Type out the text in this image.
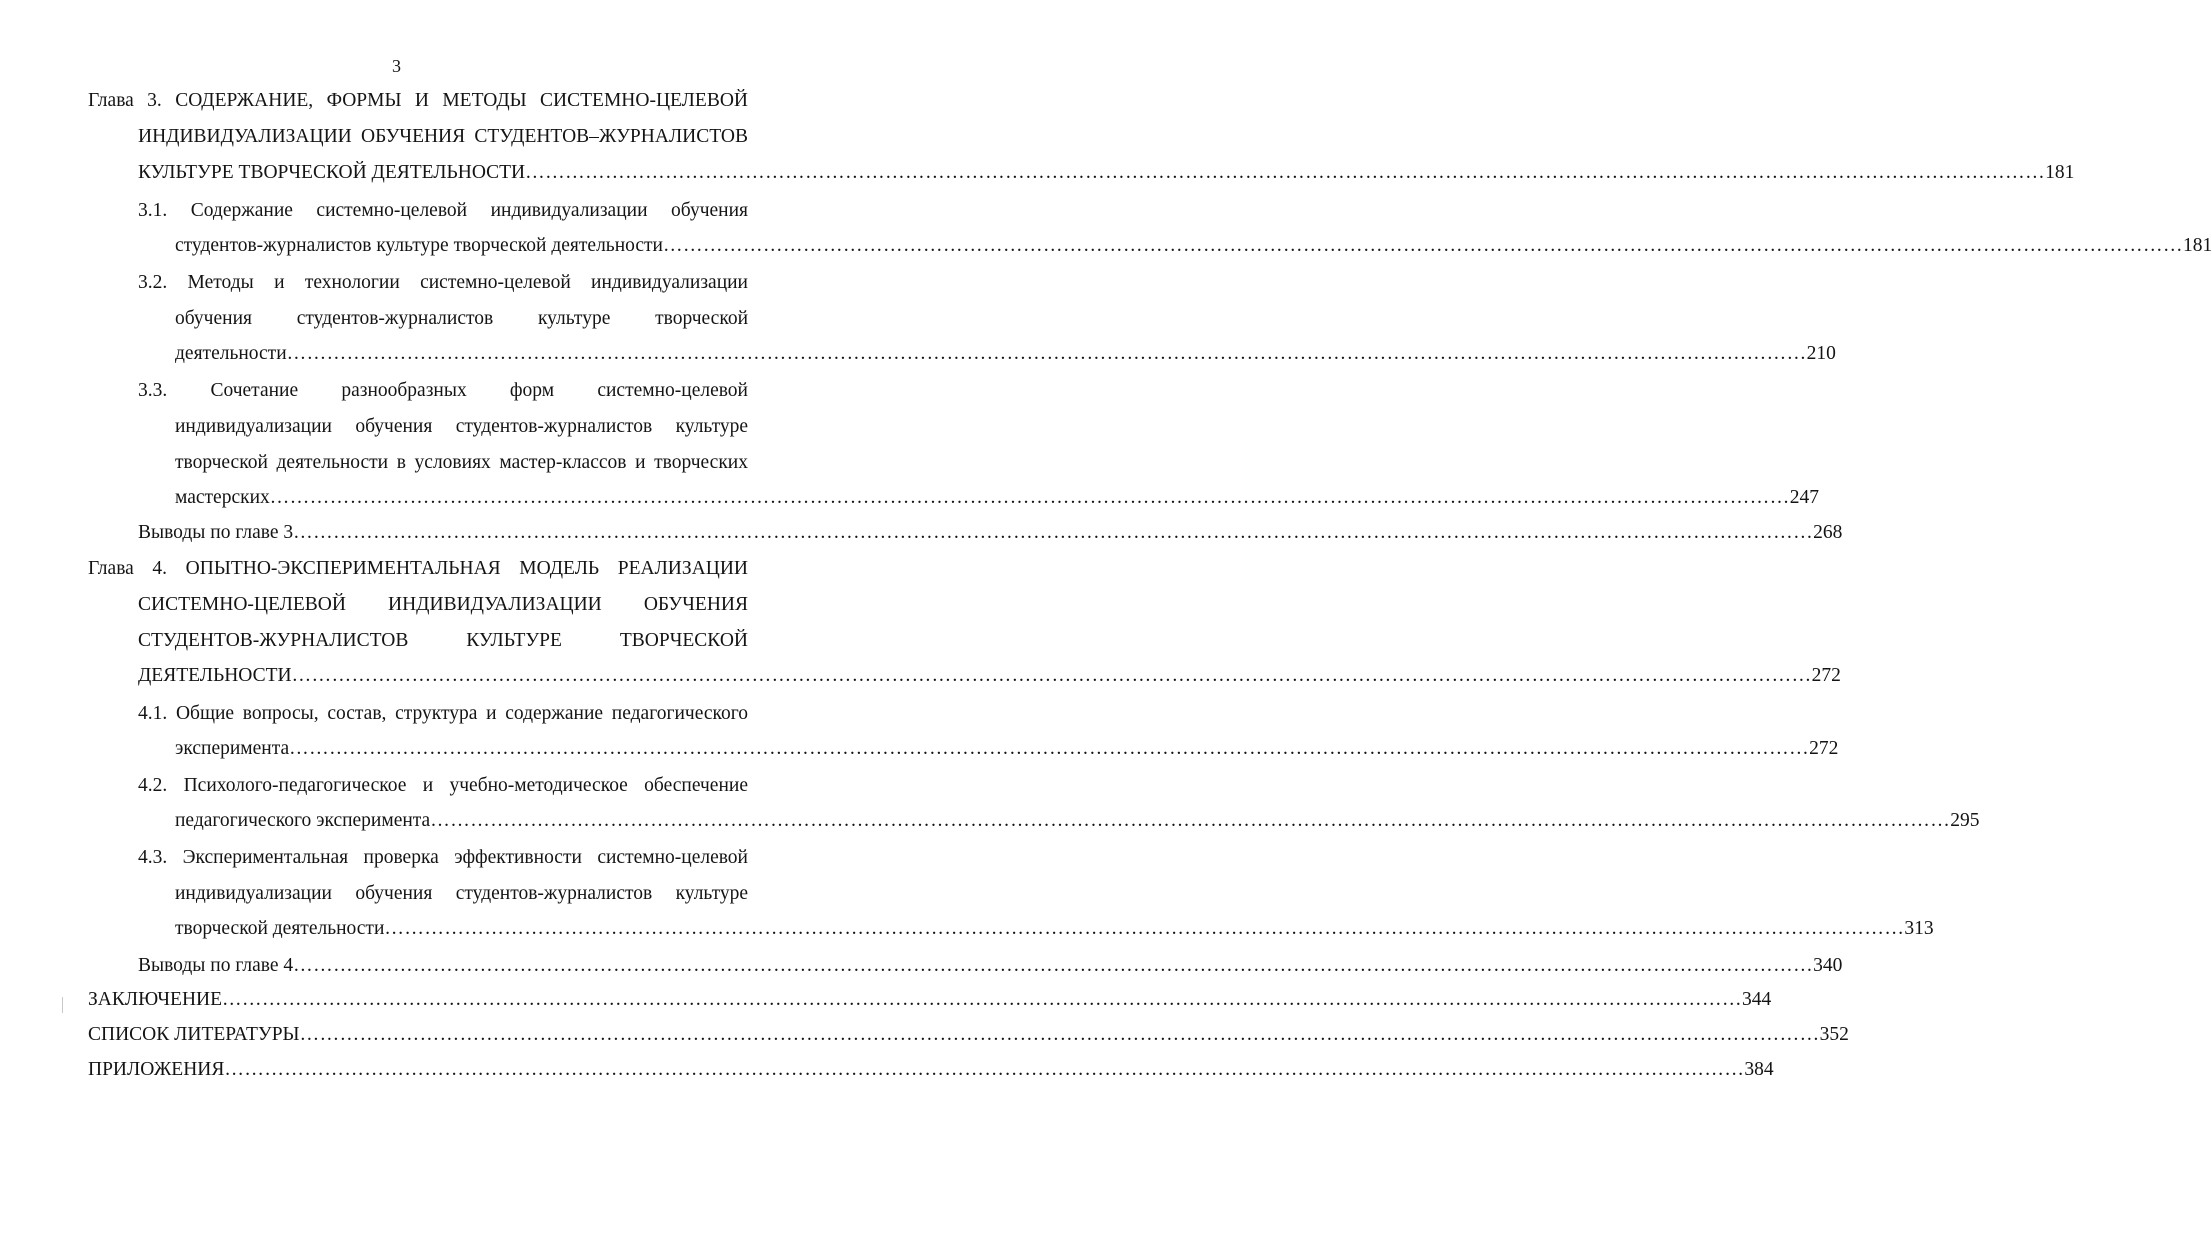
3
Глава 3. СОДЕРЖАНИЕ, ФОРМЫ И МЕТОДЫ СИСТЕМНО-ЦЕЛЕВОЙ
ИНДИВИДУАЛИЗАЦИИ ОБУЧЕНИЯ СТУДЕНТОВ–ЖУРНАЛИСТОВ
КУЛЬТУРЕ ТВОРЧЕСКОЙ ДЕЯТЕЛЬНОСТИ ………………………………………………………………………………………………………………………………………………………………………………………………………… 181
3.1. Содержание системно-целевой индивидуализации обучения
студентов-журналистов культуре творческой деятельности ………………………………………………………………………………………………………………………………………………………………………………………………………… 181
3.2. Методы и технологии системно-целевой индивидуализации
обучения студентов-журналистов культуре творческой
деятельности ………………………………………………………………………………………………………………………………………………………………………………………………………… 210
3.3. Сочетание разнообразных форм системно-целевой
индивидуализации обучения студентов-журналистов культуре
творческой деятельности в условиях мастер-классов и творческих
мастерских ………………………………………………………………………………………………………………………………………………………………………………………………………… 247
Выводы по главе 3 ………………………………………………………………………………………………………………………………………………………………………………………………………… 268
Глава 4. ОПЫТНО-ЭКСПЕРИМЕНТАЛЬНАЯ МОДЕЛЬ РЕАЛИЗАЦИИ
СИСТЕМНО-ЦЕЛЕВОЙ ИНДИВИДУАЛИЗАЦИИ ОБУЧЕНИЯ
СТУДЕНТОВ-ЖУРНАЛИСТОВ КУЛЬТУРЕ ТВОРЧЕСКОЙ
ДЕЯТЕЛЬНОСТИ ………………………………………………………………………………………………………………………………………………………………………………………………………… 272
4.1. Общие вопросы, состав, структура и содержание педагогического
эксперимента ………………………………………………………………………………………………………………………………………………………………………………………………………… 272
4.2. Психолого-педагогическое и учебно-методическое обеспечение
педагогического эксперимента ………………………………………………………………………………………………………………………………………………………………………………………………………… 295
4.3. Экспериментальная проверка эффективности системно-целевой
индивидуализации обучения студентов-журналистов культуре
творческой деятельности ………………………………………………………………………………………………………………………………………………………………………………………………………… 313
Выводы по главе 4 ………………………………………………………………………………………………………………………………………………………………………………………………………… 340
ЗАКЛЮЧЕНИЕ ………………………………………………………………………………………………………………………………………………………………………………………………………… 344
СПИСОК ЛИТЕРАТУРЫ ………………………………………………………………………………………………………………………………………………………………………………………………………… 352
ПРИЛОЖЕНИЯ ………………………………………………………………………………………………………………………………………………………………………………………………………… 384
